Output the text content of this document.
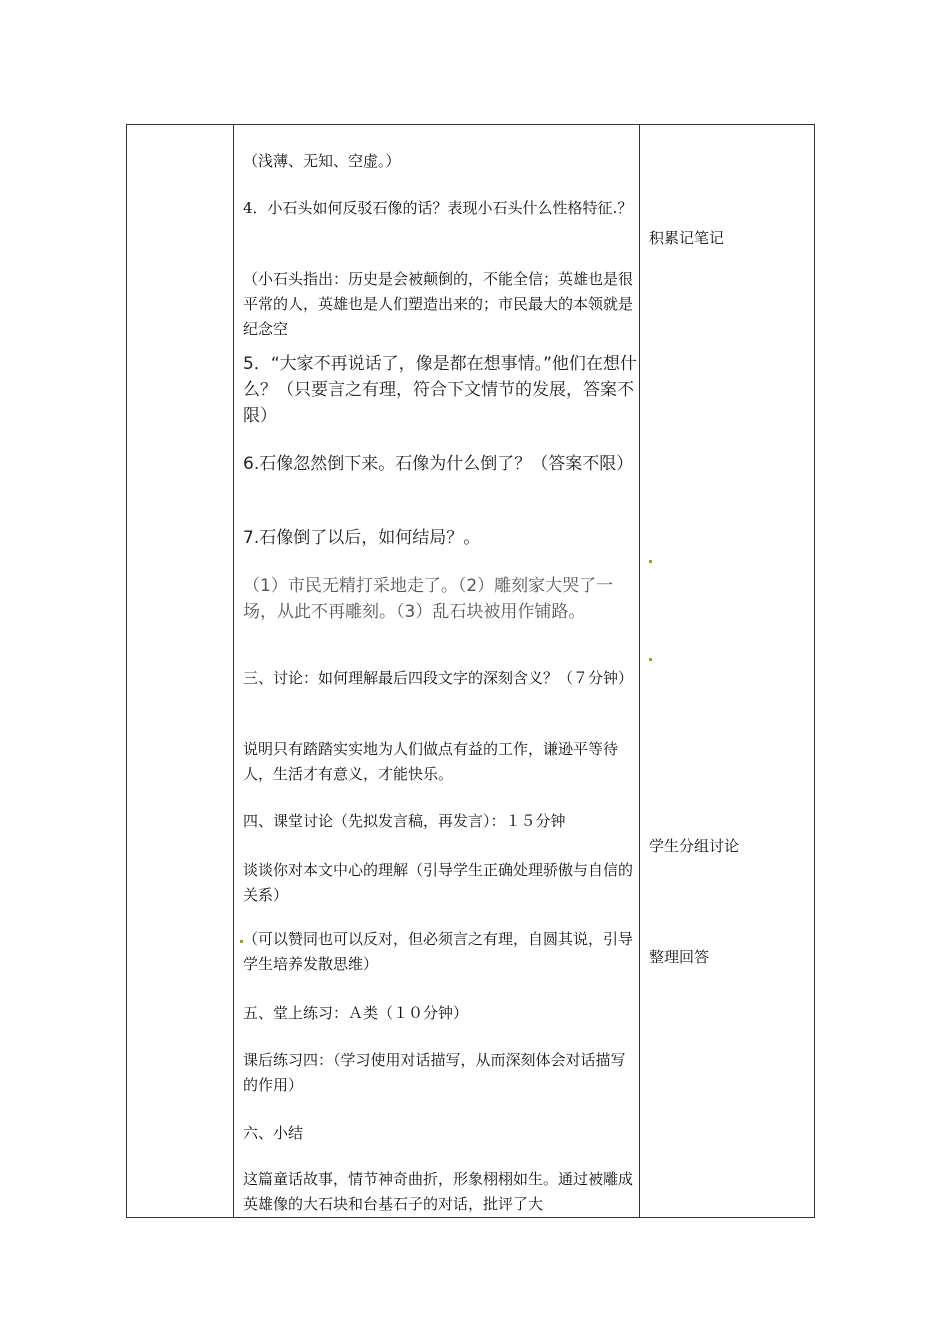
（浅薄、无知、空虚。）
4．小石头如何反驳石像的话？表现小石头什么性格特征.？
（小石头指出：历史是会被颠倒的，不能全信；英雄也是很平常的人，英雄也是人们塑造出来的；市民最大的本领就是纪念空
5．“大家不再说话了，像是都在想事情。”他们在想什么？（只要言之有理，符合下文情节的发展，答案不限）
6.石像忽然倒下来。石像为什么倒了？（答案不限）
7.石像倒了以后，如何结局？。
（1）市民无精打采地走了。（2）雕刻家大哭了一场，从此不再雕刻。（3）乱石块被用作铺路。
三、讨论：如何理解最后四段文字的深刻含义？（７分钟）
说明只有踏踏实实地为人们做点有益的工作，谦逊平等待人，生活才有意义，才能快乐。
四、课堂讨论（先拟发言稿，再发言）：１５分钟
谈谈你对本文中心的理解（引导学生正确处理骄傲与自信的关系）
（可以赞同也可以反对，但必须言之有理，自圆其说，引导学生培养发散思维）
五、堂上练习：Ａ类（１０分钟）
课后练习四：（学习使用对话描写，从而深刻体会对话描写的作用）
六、小结
这篇童话故事，情节神奇曲折，形象栩栩如生。通过被雕成英雄像的大石块和台基石子的对话，批评了大
积累记笔记
学生分组讨论
整理回答
